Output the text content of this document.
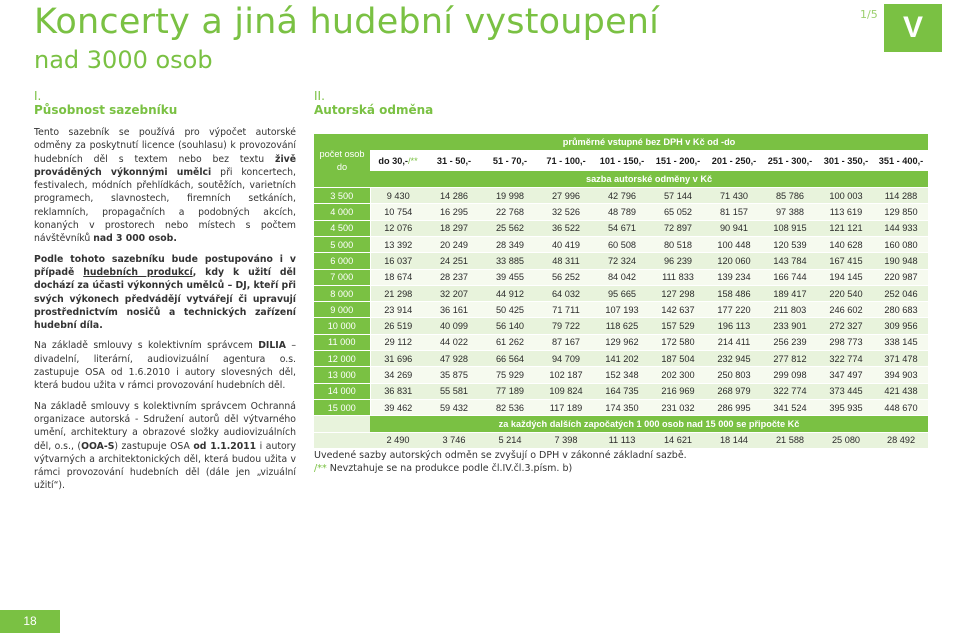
Koncerty a jiná hudební vystoupení
nad 3000 osob
1/5 V
I.
Působnost sazebníku

Tento sazebník se používá pro výpočet autorské odměny za poskytnutí licence (souhlasu) k provozování hudebních děl s textem nebo bez textu živě prováděných výkonnými umělci při koncertech, festivalech, módních přehlídkách, soutěžích, varietních programech, slavnostech, firemních setkáních, reklamních, propagačních a podobných akcích, konaných v prostorech nebo místech s počtem návštěvníků nad 3 000 osob.

Podle tohoto sazebníku bude postupováno i v případě hudebních produkcí, kdy k užití děl dochází za účasti výkonných umělců – DJ, kteří při svých výkonech předvádějí vytvářejí či upravují prostřednictvím nosičů a technických zařízení hudební díla.

Na základě smlouvy s kolektivním správcem DILIA – divadelní, literární, audiovizuální agentura o.s. zastupuje OSA od 1.6.2010 i autory slovesných děl, která budou užita v rámci provozování hudebních děl.

Na základě smlouvy s kolektivním správcem Ochranná organizace autorská - Sdružení autorů děl výtvarného umění, architektury a obrazové složky audiovizuálních děl, o.s., (OOA-S) zastupuje OSA od 1.1.2011 i autory výtvarných a architektonických děl, která budou užita v rámci provozování hudebních děl (dále jen „vizuální užití“).

II.
Autorská odměna
počet osob do	průměrné vstupné bez DPH v Kč od -do									
	do 30,-/**	31 - 50,-	51 - 70,-	71 - 100,-	101 - 150,-	151 - 200,-	201 - 250,-	251 - 300,-	301 - 350,-	351 - 400,-
	sazba autorské odměny v Kč									
3 500	9 430	14 286	19 998	27 996	42 796	57 144	71 430	85 786	100 003	114 288
4 000	10 754	16 295	22 768	32 526	48 789	65 052	81 157	97 388	113 619	129 850
4 500	12 076	18 297	25 562	36 522	54 671	72 897	90 941	108 915	121 121	144 933
5 000	13 392	20 249	28 349	40 419	60 508	80 518	100 448	120 539	140 628	160 080
6 000	16 037	24 251	33 885	48 311	72 324	96 239	120 060	143 784	167 415	190 948
7 000	18 674	28 237	39 455	56 252	84 042	111 833	139 234	166 744	194 145	220 987
8 000	21 298	32 207	44 912	64 032	95 665	127 298	158 486	189 417	220 540	252 046
9 000	23 914	36 161	50 425	71 711	107 193	142 637	177 220	211 803	246 602	280 683
10 000	26 519	40 099	56 140	79 722	118 625	157 529	196 113	233 901	272 327	309 956
11 000	29 112	44 022	61 262	87 167	129 962	172 580	214 411	256 239	298 773	338 145
12 000	31 696	47 928	66 564	94 709	141 202	187 504	232 945	277 812	322 774	371 478
13 000	34 269	35 875	75 929	102 187	152 348	202 300	250 803	299 098	347 497	394 903
14 000	36 831	55 581	77 189	109 824	164 735	216 969	268 979	322 774	373 445	421 438
15 000	39 462	59 432	82 536	117 189	174 350	231 032	286 995	341 524	395 935	448 670
	za každých dalších započatých 1 000 osob nad 15 000 se připočte Kč									
	2 490	3 746	5 214	7 398	11 113	14 621	18 144	21 588	25 080	28 492
Uvedené sazby autorských odměn se zvyšují o DPH v zákonné základní sazbě.
/** Nevztahuje se na produkce podle čl.IV.čl.3.písm. b)
18
